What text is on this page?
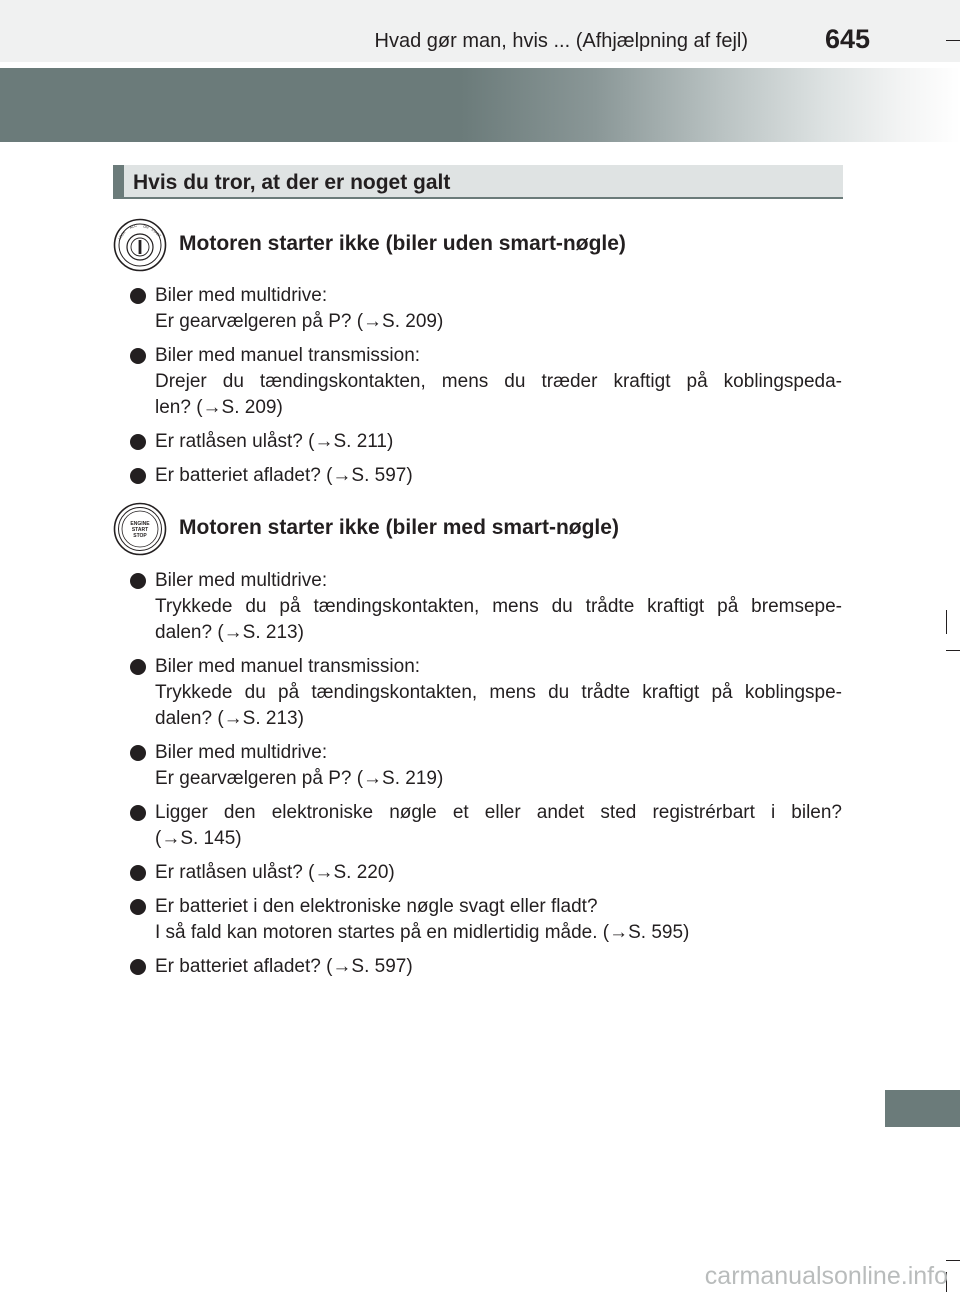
Hvad gør man, hvis ... (Afhjælpning af fejl)	645
Hvis du tror, at der er noget galt
LOCK
ACC ON
START Motoren starter ikke (biler uden smart-nøgle)
Biler med multidrive:
Er gearvælgeren på P? (→S. 209)
Biler med manuel transmission:
Drejer du tændingskontakten, mens du træder kraftigt på koblingspeda-
len? (→S. 209)
Er ratlåsen ulåst? (→S. 211)
Er batteriet afladet? (→S. 597)
ENGINE
START
STOP Motoren starter ikke (biler med smart-nøgle)
Biler med multidrive:
Trykkede du på tændingskontakten, mens du trådte kraftigt på bremsepe-
dalen? (→S. 213)
Biler med manuel transmission:
Trykkede du på tændingskontakten, mens du trådte kraftigt på koblingspe-
dalen? (→S. 213)
Biler med multidrive:
Er gearvælgeren på P? (→S. 219)
Ligger den elektroniske nøgle et eller andet sted registrérbart i bilen?
(→S. 145)
Er ratlåsen ulåst? (→S. 220)
Er batteriet i den elektroniske nøgle svagt eller fladt?
I så fald kan motoren startes på en midlertidig måde. (→S. 595)
Er batteriet afladet? (→S. 597)
carmanualsonline.info
